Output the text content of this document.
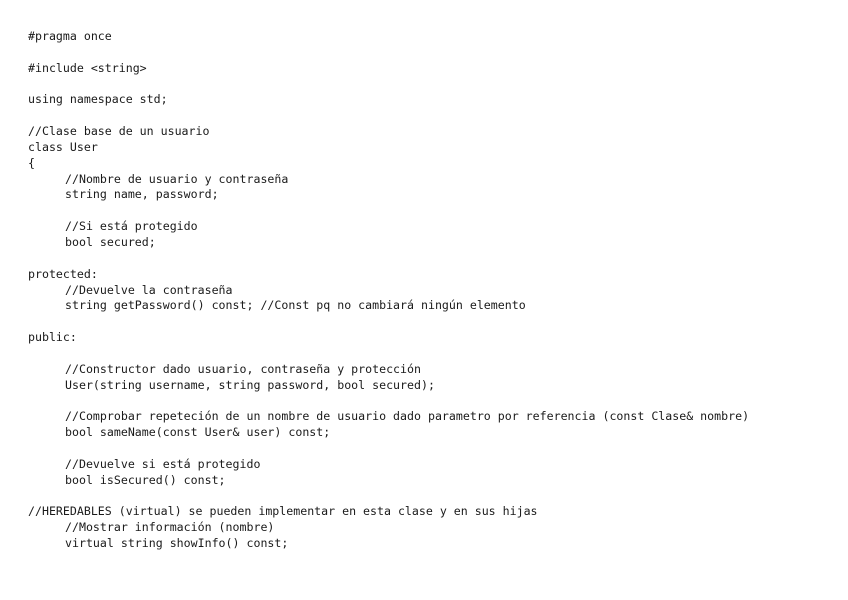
#pragma once
#include <string>
using namespace std;
//Clase base de un usuario
class User
{
//Nombre de usuario y contraseña
string name, password;
//Si está protegido
bool secured;
protected:
//Devuelve la contraseña
string getPassword() const; //Const pq no cambiará ningún elemento
public:
//Constructor dado usuario, contraseña y protección
User(string username, string password, bool secured);
//Comprobar repeteción de un nombre de usuario dado parametro por referencia (const Clase& nombre)
bool sameName(const User& user) const;
//Devuelve si está protegido
bool isSecured() const;
//HEREDABLES (virtual) se pueden implementar en esta clase y en sus hijas
//Mostrar información (nombre)
virtual string showInfo() const;
